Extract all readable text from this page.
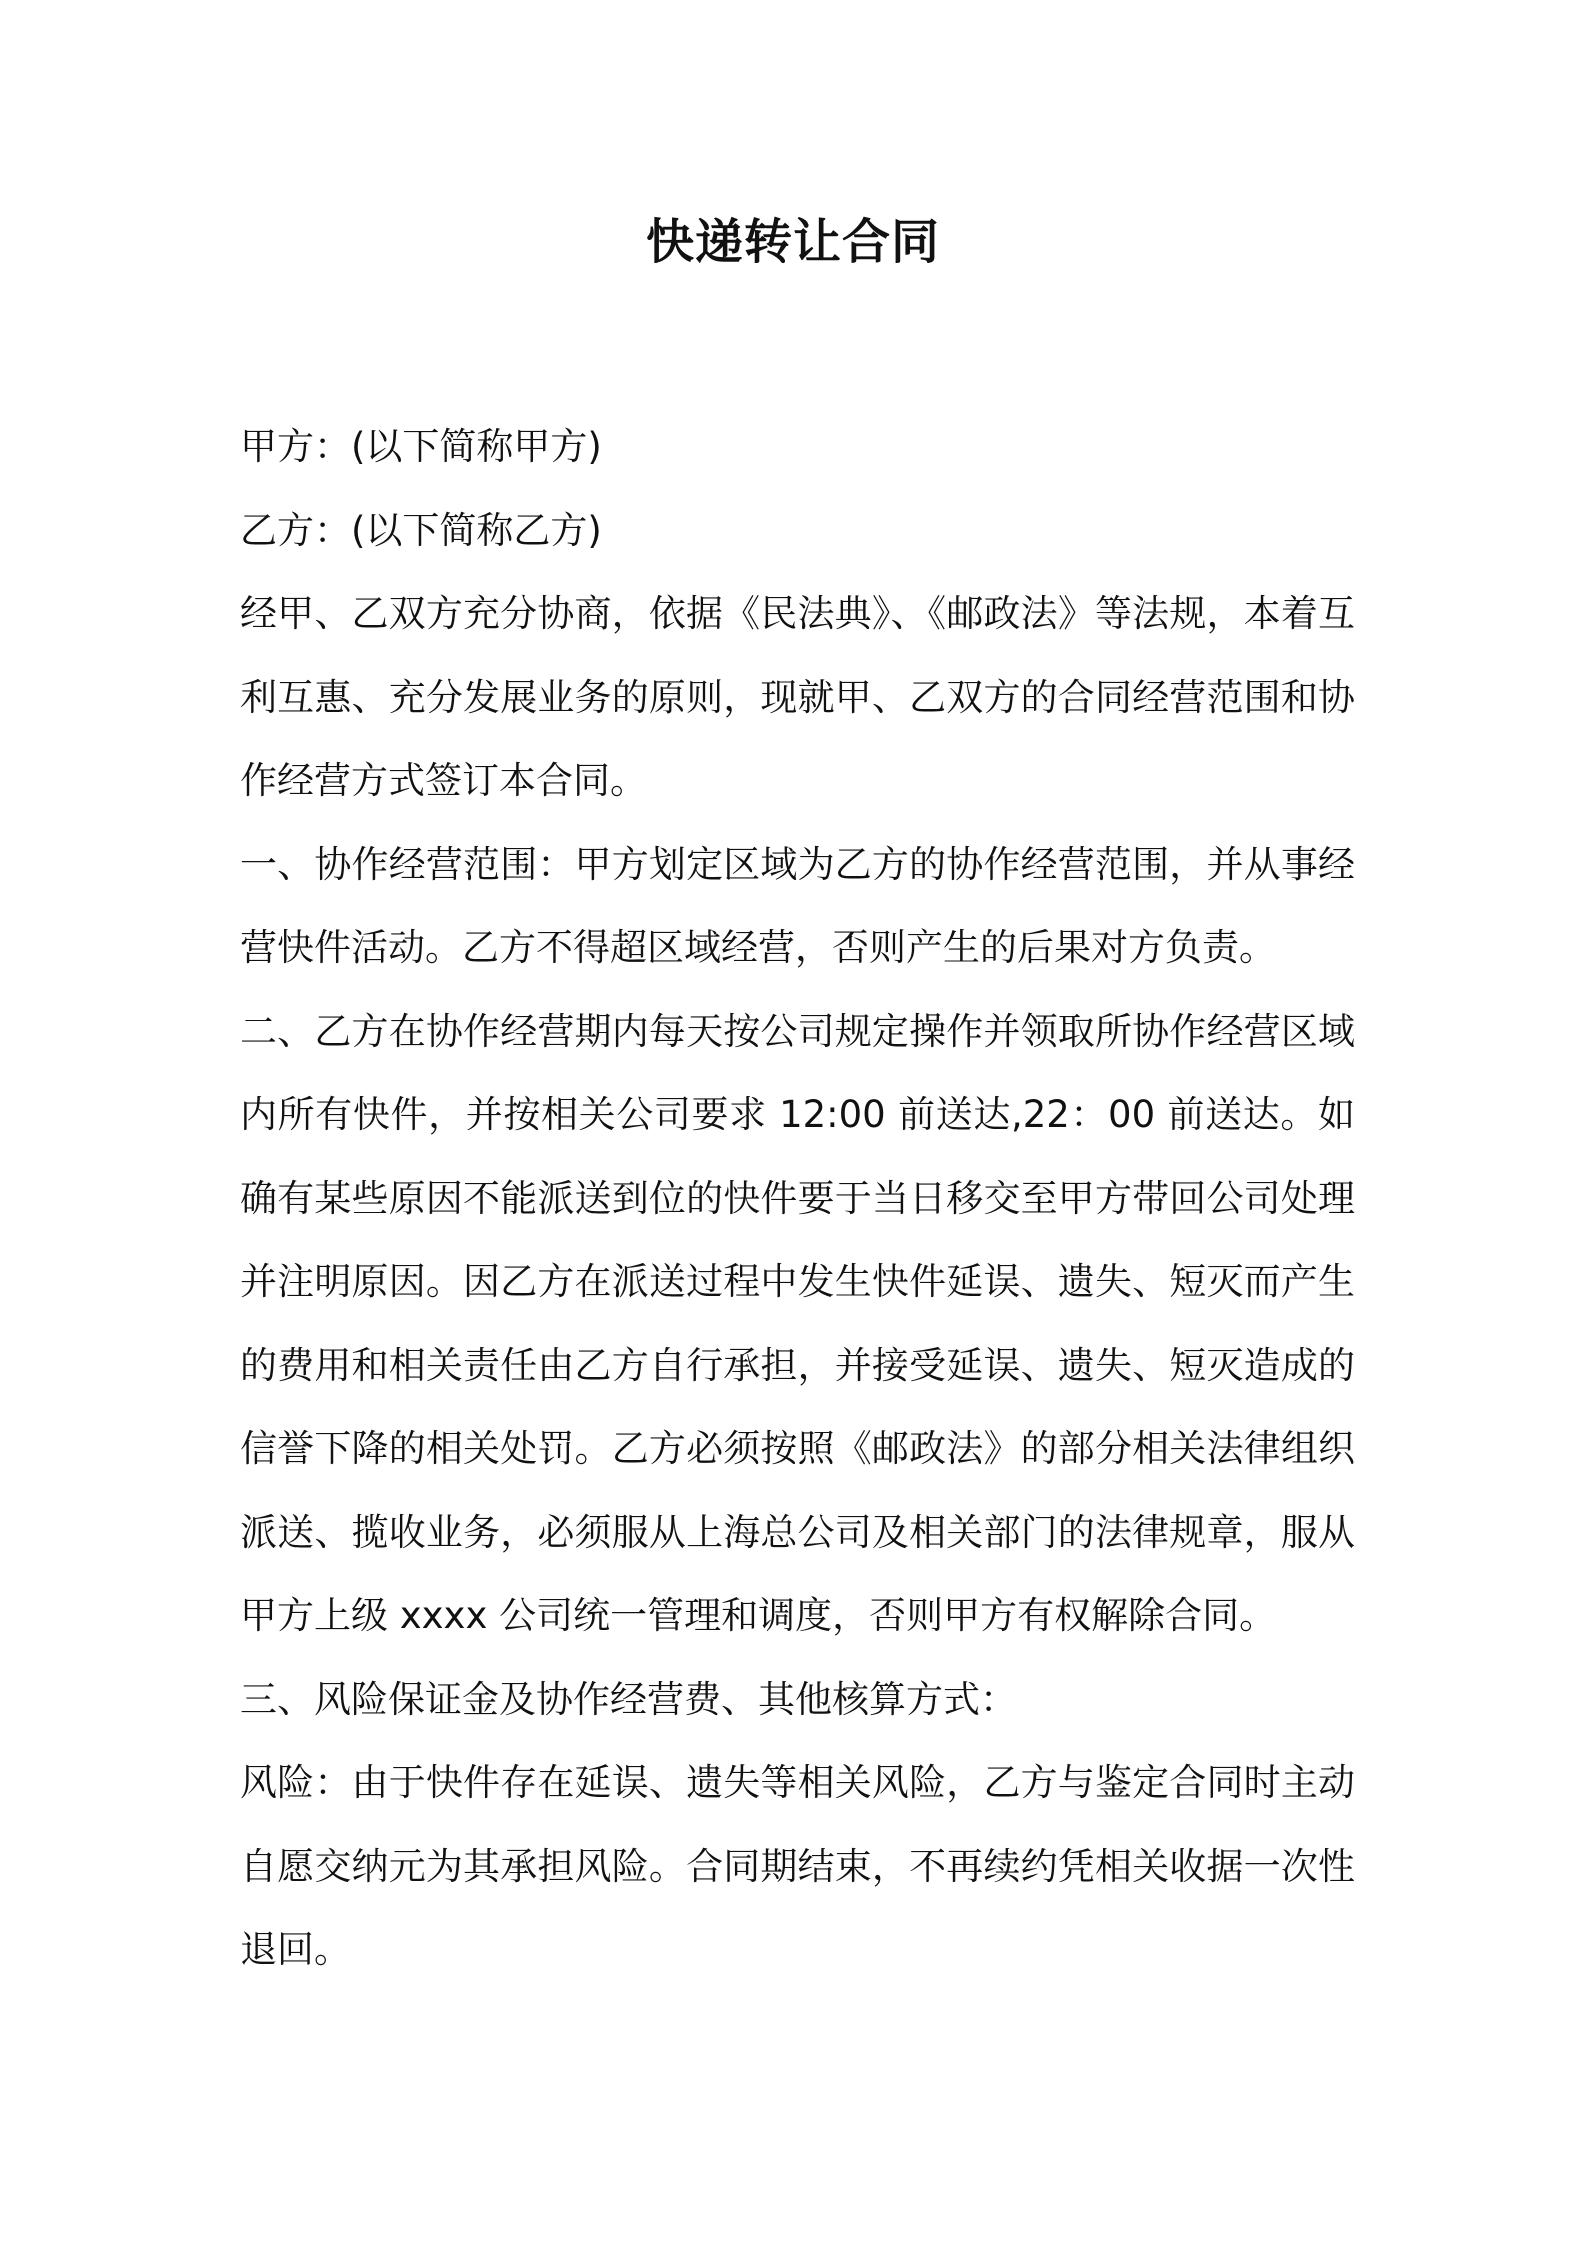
快递转让合同

甲方：(以下简称甲方)

乙方：(以下简称乙方)

经甲、乙双方充分协商，依据《民法典》、《邮政法》等法规，本着互利互惠、充分发展业务的原则，现就甲、乙双方的合同经营范围和协作经营方式签订本合同。

一、协作经营范围：甲方划定区域为乙方的协作经营范围，并从事经营快件活动。乙方不得超区域经营，否则产生的后果对方负责。

二、乙方在协作经营期内每天按公司规定操作并领取所协作经营区域内所有快件，并按相关公司要求 12:00 前送达,22：00 前送达。如确有某些原因不能派送到位的快件要于当日移交至甲方带回公司处理并注明原因。因乙方在派送过程中发生快件延误、遗失、短灭而产生的费用和相关责任由乙方自行承担，并接受延误、遗失、短灭造成的信誉下降的相关处罚。乙方必须按照《邮政法》的部分相关法律组织派送、揽收业务，必须服从上海总公司及相关部门的法律规章，服从甲方上级 xxxx 公司统一管理和调度，否则甲方有权解除合同。

三、风险保证金及协作经营费、其他核算方式：

风险：由于快件存在延误、遗失等相关风险，乙方与鉴定合同时主动自愿交纳元为其承担风险。合同期结束，不再续约凭相关收据一次性退回。
